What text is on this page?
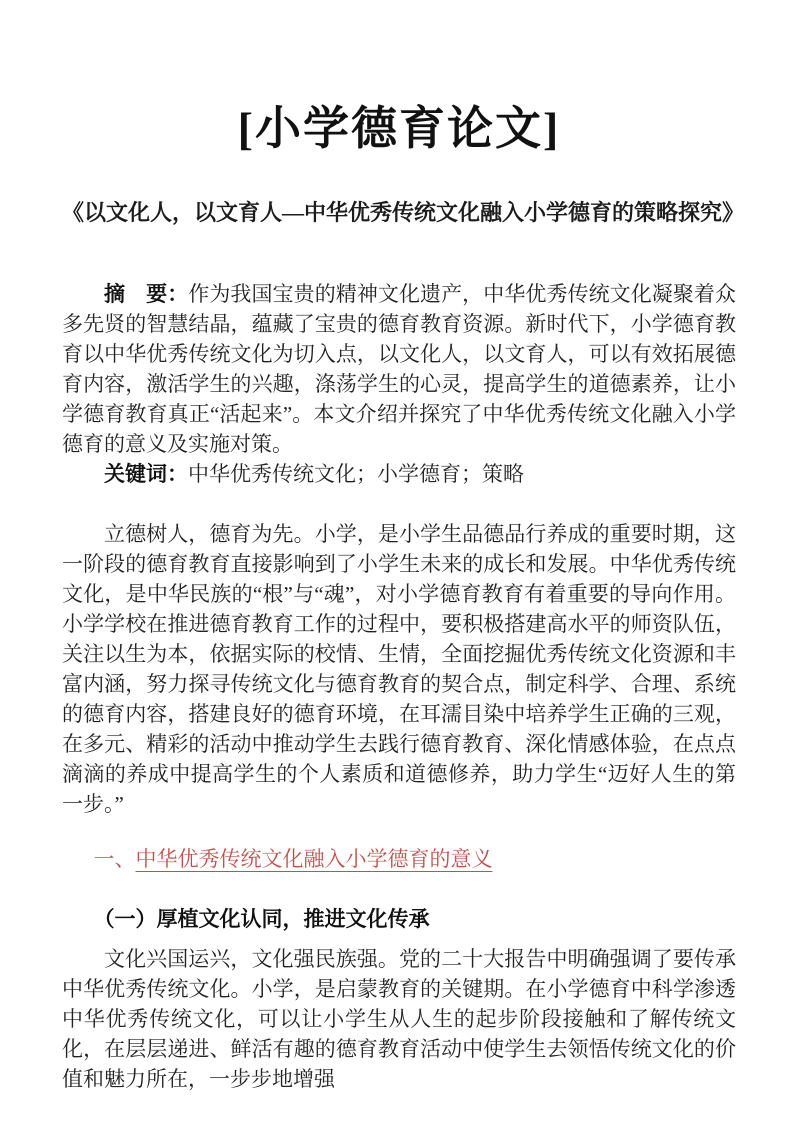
[小学德育论文]

《以文化人，以文育人—中华优秀传统文化融入小学德育的策略探究》

摘　要：作为我国宝贵的精神文化遗产，中华优秀传统文化凝聚着众多先贤的智慧结晶，蕴藏了宝贵的德育教育资源。新时代下，小学德育教育以中华优秀传统文化为切入点，以文化人，以文育人，可以有效拓展德育内容，激活学生的兴趣，涤荡学生的心灵，提高学生的道德素养，让小学德育教育真正“活起来”。本文介绍并探究了中华优秀传统文化融入小学德育的意义及实施对策。

关键词：中华优秀传统文化；小学德育；策略

立德树人，德育为先。小学，是小学生品德品行养成的重要时期，这一阶段的德育教育直接影响到了小学生未来的成长和发展。中华优秀传统文化，是中华民族的“根”与“魂”，对小学德育教育有着重要的导向作用。小学学校在推进德育教育工作的过程中，要积极搭建高水平的师资队伍，关注以生为本，依据实际的校情、生情，全面挖掘优秀传统文化资源和丰富内涵，努力探寻传统文化与德育教育的契合点，制定科学、合理、系统的德育内容，搭建良好的德育环境，在耳濡目染中培养学生正确的三观，在多元、精彩的活动中推动学生去践行德育教育、深化情感体验，在点点滴滴的养成中提高学生的个人素质和道德修养，助力学生“迈好人生的第一步。”

一、中华优秀传统文化融入小学德育的意义
（一）厚植文化认同，推进文化传承

文化兴国运兴，文化强民族强。党的二十大报告中明确强调了要传承中华优秀传统文化。小学，是启蒙教育的关键期。在小学德育中科学渗透中华优秀传统文化，可以让小学生从人生的起步阶段接触和了解传统文化，在层层递进、鲜活有趣的德育教育活动中使学生去领悟传统文化的价值和魅力所在，一步步地增强
